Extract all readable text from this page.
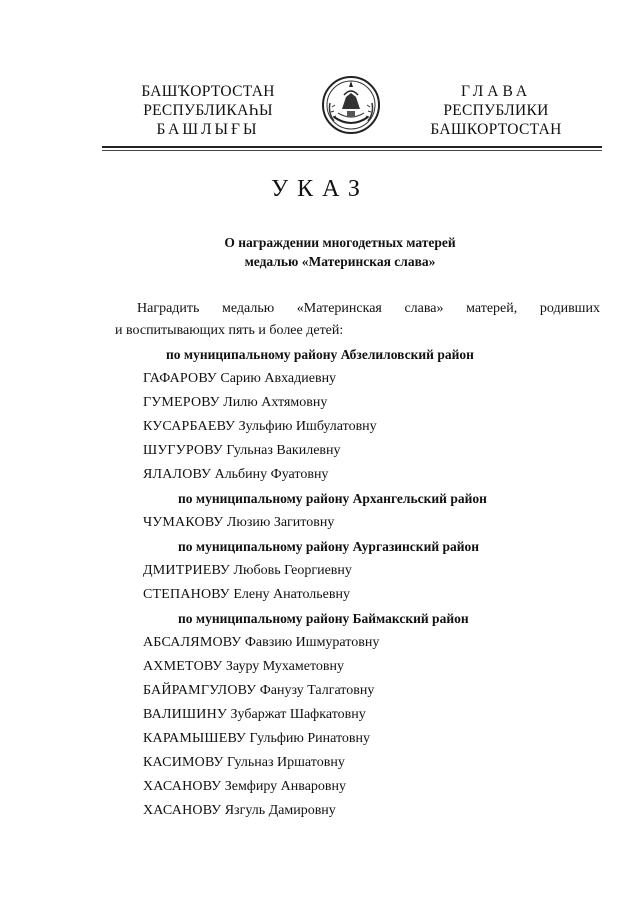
БАШҠОРТОСТАН
РЕСПУБЛИКАҺЫ
БАШЛЫҒЫ
ГЛАВА
РЕСПУБЛИКИ
БАШКОРТОСТАН
УКАЗ
О награждении многодетных матерей
медалью «Материнская слава»
Наградить медалью «Материнская слава» матерей, родивших
и воспитывающих пять и более детей:
по муниципальному району Абзелиловский район
ГАФАРОВУ Сарию Авхадиевну
ГУМЕРОВУ Лилю Ахтямовну
КУСАРБАЕВУ Зульфию Ишбулатовну
ШУГУРОВУ Гульназ Вакилевну
ЯЛАЛОВУ Альбину Фуатовну
по муниципальному району Архангельский район
ЧУМАКОВУ Люзию Загитовну
по муниципальному району Аургазинский район
ДМИТРИЕВУ Любовь Георгиевну
СТЕПАНОВУ Елену Анатольевну
по муниципальному району Баймакский район
АБСАЛЯМОВУ Фавзию Ишмуратовну
АХМЕТОВУ Зауру Мухаметовну
БАЙРАМГУЛОВУ Фанузу Талгатовну
ВАЛИШИНУ Зубаржат Шафкатовну
КАРАМЫШЕВУ Гульфию Ринатовну
КАСИМОВУ Гульназ Иршатовну
ХАСАНОВУ Земфиру Анваровну
ХАСАНОВУ Язгуль Дамировну
